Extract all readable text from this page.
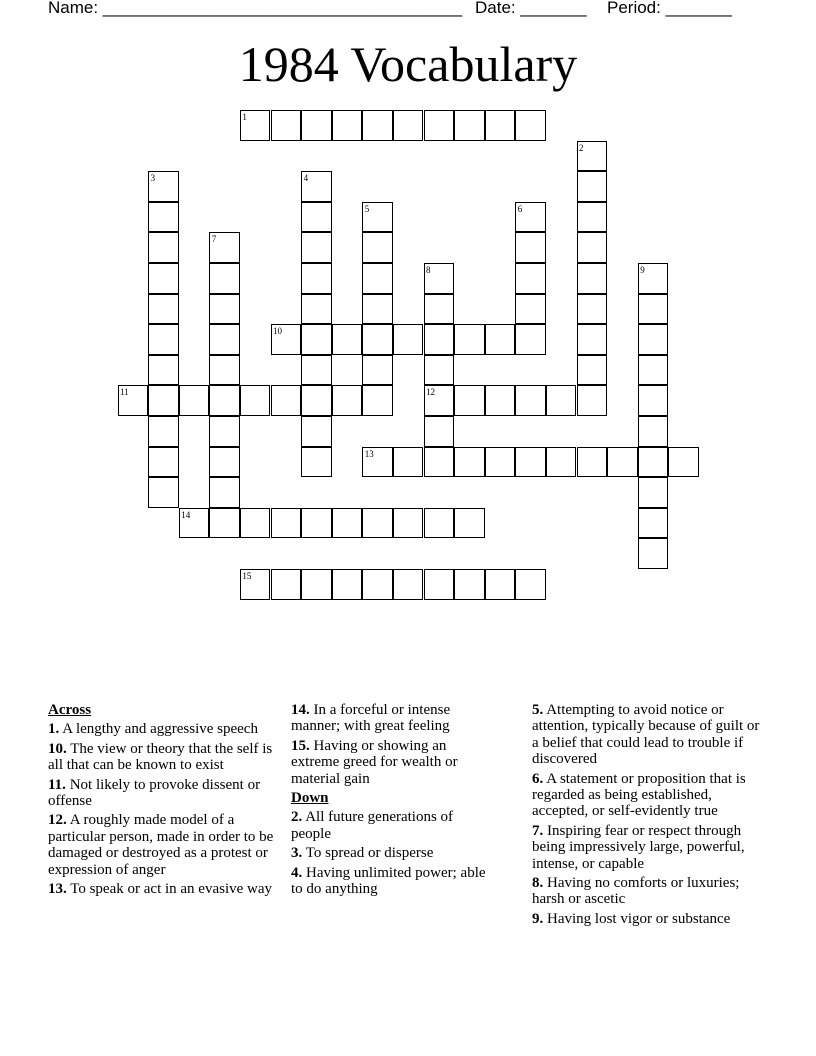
Name: ______________________________________ Date: _______ Period: _______
1984 Vocabulary
1
2
3	4
5	6
7
8	9
10
11	12
13
14
15
Across
1. A lengthy and aggressive speech
10. The view or theory that the self is all that can be known to exist
11. Not likely to provoke dissent or offense
12. A roughly made model of a particular person, made in order to be damaged or destroyed as a protest or expression of anger
13. To speak or act in an evasive way
14. In a forceful or intense manner; with great feeling
15. Having or showing an extreme greed for wealth or material gain
Down
2. All future generations of people
3. To spread or disperse
4. Having unlimited power; able to do anything
5. Attempting to avoid notice or attention, typically because of guilt or a belief that could lead to trouble if discovered
6. A statement or proposition that is regarded as being established, accepted, or self-evidently true
7. Inspiring fear or respect through being impressively large, powerful, intense, or capable
8. Having no comforts or luxuries; harsh or ascetic
9. Having lost vigor or substance
